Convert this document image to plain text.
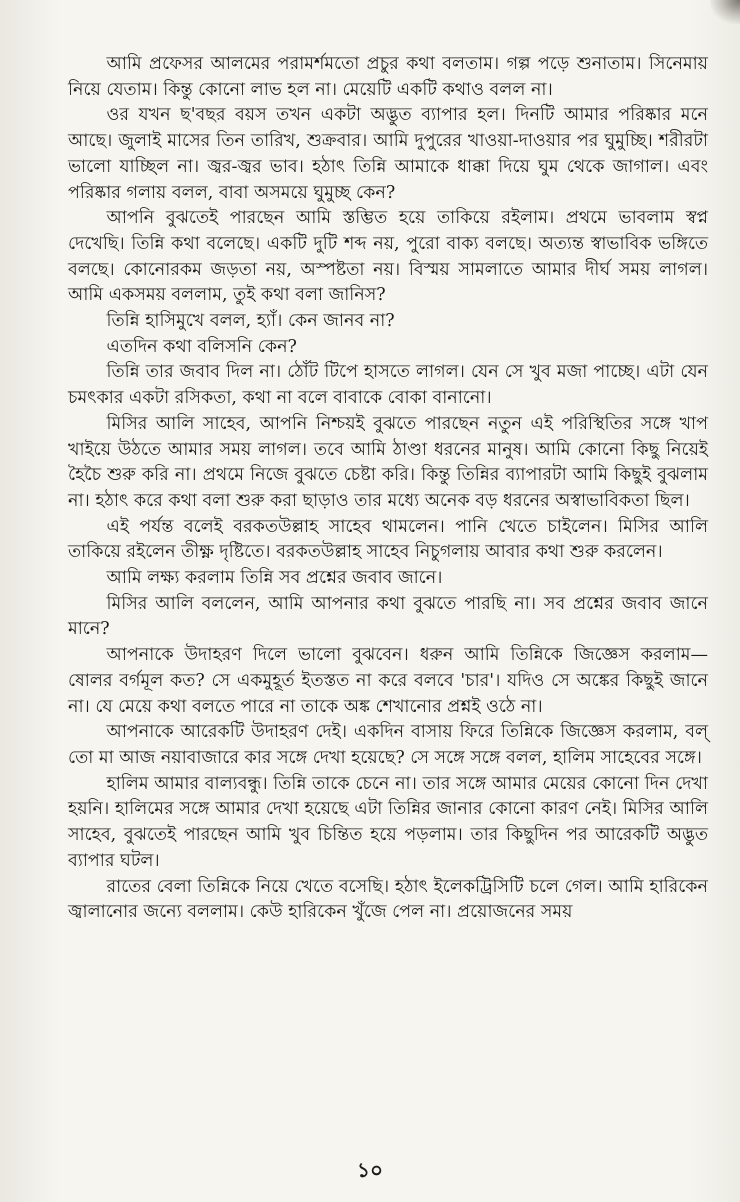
আমি প্রফেসর আলমের পরামর্শমতো প্রচুর কথা বলতাম। গল্প পড়ে শুনাতাম। সিনেমায় নিয়ে যেতাম। কিন্তু কোনো লাভ হল না। মেয়েটি একটি কথাও বলল না।

ওর যখন ছ'বছর বয়স তখন একটা অদ্ভুত ব্যাপার হল। দিনটি আমার পরিষ্কার মনে আছে। জুলাই মাসের তিন তারিখ, শুক্রবার। আমি দুপুরের খাওয়া-দাওয়ার পর ঘুমুচ্ছি। শরীরটা ভালো যাচ্ছিল না। জ্বর-জ্বর ভাব। হঠাৎ তিন্নি আমাকে ধাক্কা দিয়ে ঘুম থেকে জাগাল। এবং পরিষ্কার গলায় বলল, বাবা অসময়ে ঘুমুচ্ছ কেন?

আপনি বুঝতেই পারছেন আমি স্তম্ভিত হয়ে তাকিয়ে রইলাম। প্রথমে ভাবলাম স্বপ্ন দেখেছি। তিন্নি কথা বলেছে। একটি দুটি শব্দ নয়, পুরো বাক্য বলছে। অত্যন্ত স্বাভাবিক ভঙ্গিতে বলছে। কোনোরকম জড়তা নয়, অস্পষ্টতা নয়। বিস্ময় সামলাতে আমার দীর্ঘ সময় লাগল। আমি একসময় বললাম, তুই কথা বলা জানিস?

তিন্নি হাসিমুখে বলল, হ্যাঁ। কেন জানব না?

এতদিন কথা বলিসনি কেন?

তিন্নি তার জবাব দিল না। ঠোঁট টিপে হাসতে লাগল। যেন সে খুব মজা পাচ্ছে। এটা যেন চমৎকার একটা রসিকতা, কথা না বলে বাবাকে বোকা বানানো।

মিসির আলি সাহেব, আপনি নিশ্চয়ই বুঝতে পারছেন নতুন এই পরিস্থিতির সঙ্গে খাপ খাইয়ে উঠতে আমার সময় লাগল। তবে আমি ঠাণ্ডা ধরনের মানুষ। আমি কোনো কিছু নিয়েই হৈচৈ শুরু করি না। প্রথমে নিজে বুঝতে চেষ্টা করি। কিন্তু তিন্নির ব্যাপারটা আমি কিছুই বুঝলাম না। হঠাৎ করে কথা বলা শুরু করা ছাড়াও তার মধ্যে অনেক বড় ধরনের অস্বাভাবিকতা ছিল।

এই পর্যন্ত বলেই বরকতউল্লাহ সাহেব থামলেন। পানি খেতে চাইলেন। মিসির আলি তাকিয়ে রইলেন তীক্ষ্ণ দৃষ্টিতে। বরকতউল্লাহ সাহেব নিচুগলায় আবার কথা শুরু করলেন।

আমি লক্ষ্য করলাম তিন্নি সব প্রশ্নের জবাব জানে।

মিসির আলি বললেন, আমি আপনার কথা বুঝতে পারছি না। সব প্রশ্নের জবাব জানে মানে?

আপনাকে উদাহরণ দিলে ভালো বুঝবেন। ধরুন আমি তিন্নিকে জিজ্ঞেস করলাম— ষোলর বর্গমূল কত? সে একমুহূর্ত ইতস্তত না করে বলবে 'চার'। যদিও সে অঙ্কের কিছুই জানে না। যে মেয়ে কথা বলতে পারে না তাকে অঙ্ক শেখানোর প্রশ্নই ওঠে না।

আপনাকে আরেকটি উদাহরণ দেই। একদিন বাসায় ফিরে তিন্নিকে জিজ্ঞেস করলাম, বল্ তো মা আজ নয়াবাজারে কার সঙ্গে দেখা হয়েছে? সে সঙ্গে সঙ্গে বলল, হালিম সাহেবের সঙ্গে।

হালিম আমার বাল্যবন্ধু। তিন্নি তাকে চেনে না। তার সঙ্গে আমার মেয়ের কোনো দিন দেখা হয়নি। হালিমের সঙ্গে আমার দেখা হয়েছে এটা তিন্নির জানার কোনো কারণ নেই। মিসির আলি সাহেব, বুঝতেই পারছেন আমি খুব চিন্তিত হয়ে পড়লাম। তার কিছুদিন পর আরেকটি অদ্ভুত ব্যাপার ঘটল।

রাতের বেলা তিন্নিকে নিয়ে খেতে বসেছি। হঠাৎ ইলেকট্রিসিটি চলে গেল। আমি হারিকেন জ্বালানোর জন্যে বললাম। কেউ হারিকেন খুঁজে পেল না। প্রয়োজনের সময়

১০
